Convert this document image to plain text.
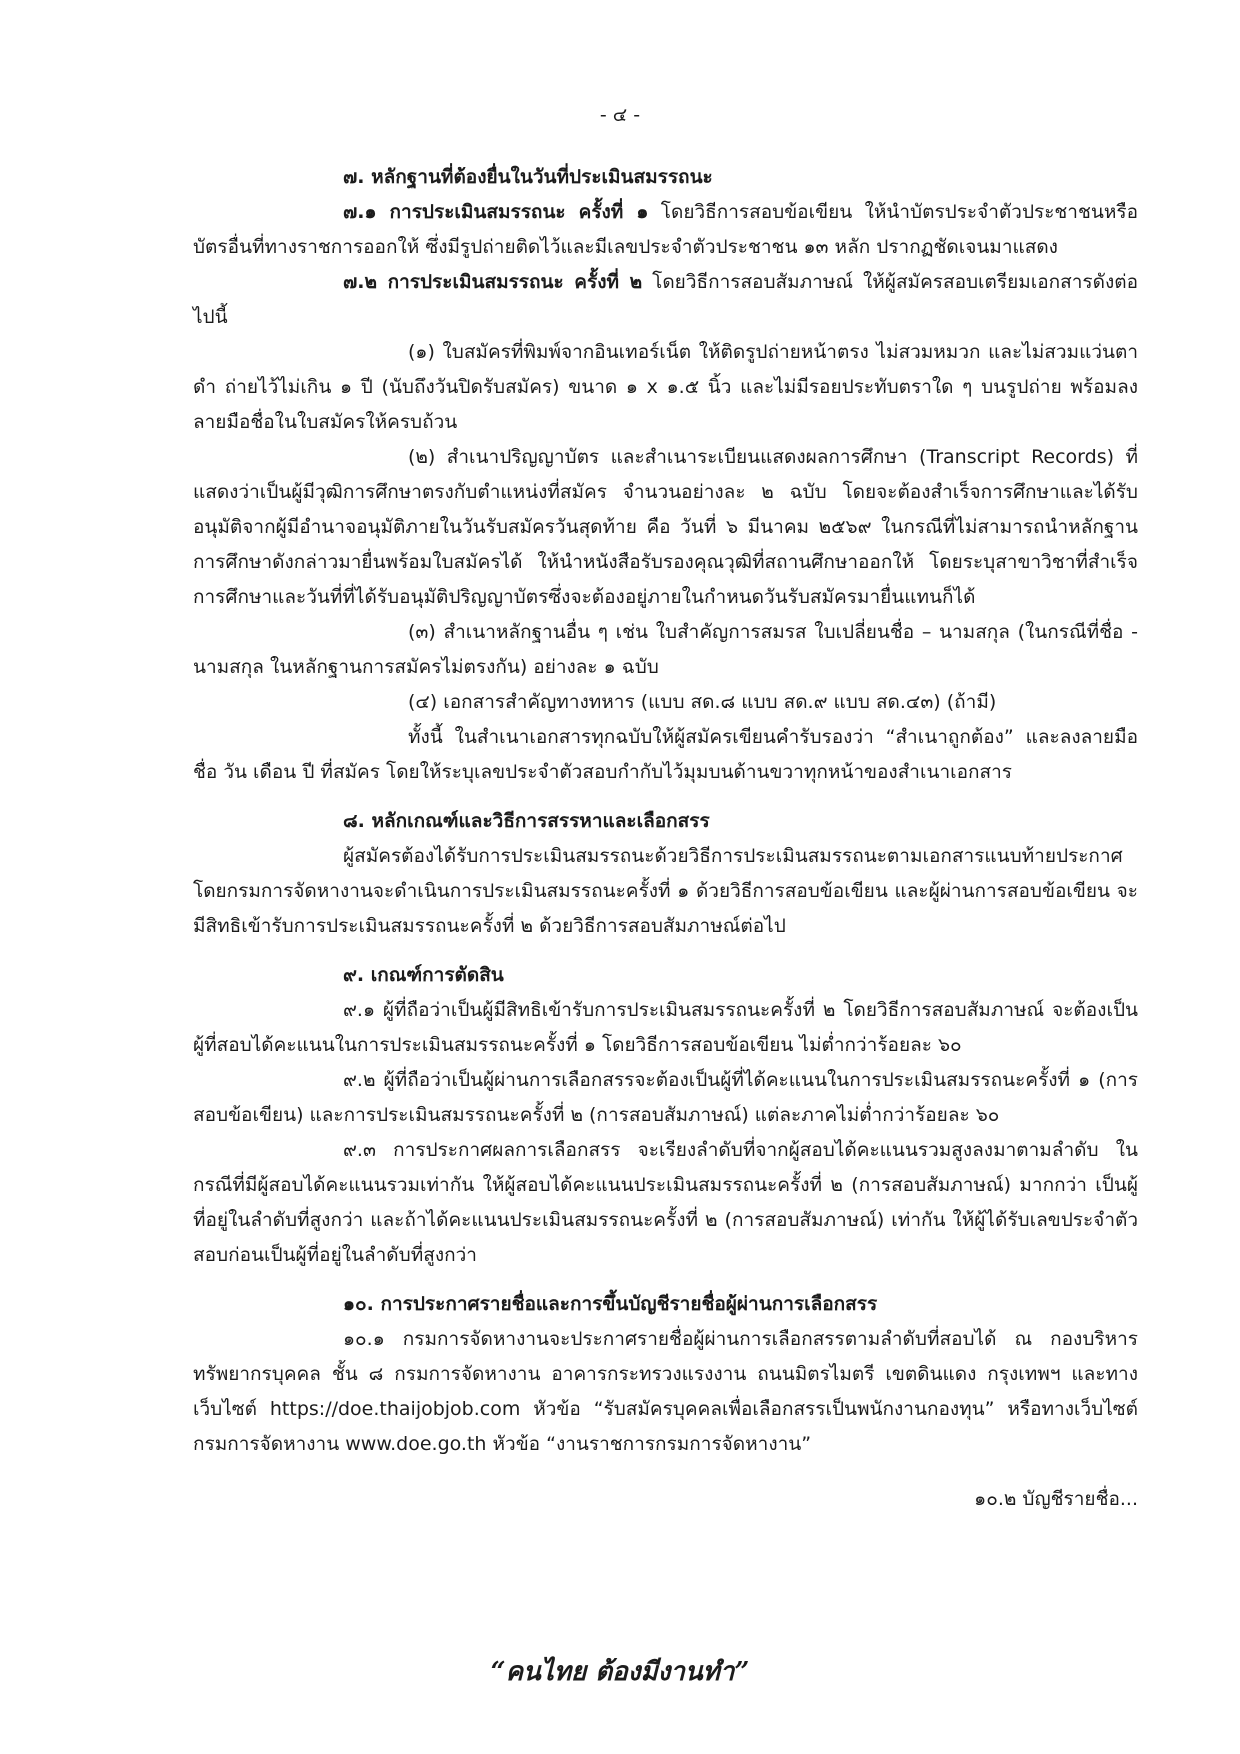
- ๔ -

๗. หลักฐานที่ต้องยื่นในวันที่ประเมินสมรรถนะ

๗.๑ การประเมินสมรรถนะ ครั้งที่ ๑ โดยวิธีการสอบข้อเขียน ให้นำบัตรประจำตัวประชาชนหรือบัตรอื่นที่ทางราชการออกให้ ซึ่งมีรูปถ่ายติดไว้และมีเลขประจำตัวประชาชน ๑๓ หลัก ปรากฏชัดเจนมาแสดง

๗.๒ การประเมินสมรรถนะ ครั้งที่ ๒ โดยวิธีการสอบสัมภาษณ์ ให้ผู้สมัครสอบเตรียมเอกสารดังต่อไปนี้

(๑) ใบสมัครที่พิมพ์จากอินเทอร์เน็ต ให้ติดรูปถ่ายหน้าตรง ไม่สวมหมวก และไม่สวมแว่นตาดำ ถ่ายไว้ไม่เกิน ๑ ปี (นับถึงวันปิดรับสมัคร) ขนาด ๑ x ๑.๕ นิ้ว และไม่มีรอยประทับตราใด ๆ บนรูปถ่าย พร้อมลงลายมือชื่อในใบสมัครให้ครบถ้วน

(๒) สำเนาปริญญาบัตร และสำเนาระเบียนแสดงผลการศึกษา (Transcript Records) ที่แสดงว่าเป็นผู้มีวุฒิการศึกษาตรงกับตำแหน่งที่สมัคร จำนวนอย่างละ ๒ ฉบับ โดยจะต้องสำเร็จการศึกษาและได้รับอนุมัติจากผู้มีอำนาจอนุมัติภายในวันรับสมัครวันสุดท้าย คือ วันที่ ๖ มีนาคม ๒๕๖๙ ในกรณีที่ไม่สามารถนำหลักฐานการศึกษาดังกล่าวมายื่นพร้อมใบสมัครได้ ให้นำหนังสือรับรองคุณวุฒิที่สถานศึกษาออกให้ โดยระบุสาขาวิชาที่สำเร็จการศึกษาและวันที่ที่ได้รับอนุมัติปริญญาบัตรซึ่งจะต้องอยู่ภายในกำหนดวันรับสมัครมายื่นแทนก็ได้

(๓) สำเนาหลักฐานอื่น ๆ เช่น ใบสำคัญการสมรส ใบเปลี่ยนชื่อ – นามสกุล (ในกรณีที่ชื่อ - นามสกุล ในหลักฐานการสมัครไม่ตรงกัน) อย่างละ ๑ ฉบับ

(๔) เอกสารสำคัญทางทหาร (แบบ สด.๘ แบบ สด.๙ แบบ สด.๔๓) (ถ้ามี)

ทั้งนี้ ในสำเนาเอกสารทุกฉบับให้ผู้สมัครเขียนคำรับรองว่า “สำเนาถูกต้อง” และลงลายมือชื่อ วัน เดือน ปี ที่สมัคร โดยให้ระบุเลขประจำตัวสอบกำกับไว้มุมบนด้านขวาทุกหน้าของสำเนาเอกสาร

๘. หลักเกณฑ์และวิธีการสรรหาและเลือกสรร

ผู้สมัครต้องได้รับการประเมินสมรรถนะด้วยวิธีการประเมินสมรรถนะตามเอกสารแนบท้ายประกาศ โดยกรมการจัดหางานจะดำเนินการประเมินสมรรถนะครั้งที่ ๑ ด้วยวิธีการสอบข้อเขียน และผู้ผ่านการสอบข้อเขียน จะมีสิทธิเข้ารับการประเมินสมรรถนะครั้งที่ ๒ ด้วยวิธีการสอบสัมภาษณ์ต่อไป

๙. เกณฑ์การตัดสิน

๙.๑ ผู้ที่ถือว่าเป็นผู้มีสิทธิเข้ารับการประเมินสมรรถนะครั้งที่ ๒ โดยวิธีการสอบสัมภาษณ์ จะต้องเป็นผู้ที่สอบได้คะแนนในการประเมินสมรรถนะครั้งที่ ๑ โดยวิธีการสอบข้อเขียน ไม่ต่ำกว่าร้อยละ ๖๐

๙.๒ ผู้ที่ถือว่าเป็นผู้ผ่านการเลือกสรรจะต้องเป็นผู้ที่ได้คะแนนในการประเมินสมรรถนะครั้งที่ ๑ (การสอบข้อเขียน) และการประเมินสมรรถนะครั้งที่ ๒ (การสอบสัมภาษณ์) แต่ละภาคไม่ต่ำกว่าร้อยละ ๖๐

๙.๓ การประกาศผลการเลือกสรร จะเรียงลำดับที่จากผู้สอบได้คะแนนรวมสูงลงมาตามลำดับ ในกรณีที่มีผู้สอบได้คะแนนรวมเท่ากัน ให้ผู้สอบได้คะแนนประเมินสมรรถนะครั้งที่ ๒ (การสอบสัมภาษณ์) มากกว่า เป็นผู้ที่อยู่ในลำดับที่สูงกว่า และถ้าได้คะแนนประเมินสมรรถนะครั้งที่ ๒ (การสอบสัมภาษณ์) เท่ากัน ให้ผู้ได้รับเลขประจำตัวสอบก่อนเป็นผู้ที่อยู่ในลำดับที่สูงกว่า

๑๐. การประกาศรายชื่อและการขึ้นบัญชีรายชื่อผู้ผ่านการเลือกสรร

๑๐.๑ กรมการจัดหางานจะประกาศรายชื่อผู้ผ่านการเลือกสรรตามลำดับที่สอบได้ ณ กองบริหารทรัพยากรบุคคล ชั้น ๘ กรมการจัดหางาน อาคารกระทรวงแรงงาน ถนนมิตรไมตรี เขตดินแดง กรุงเทพฯ และทางเว็บไซต์ https://doe.thaijobjob.com หัวข้อ “รับสมัครบุคคลเพื่อเลือกสรรเป็นพนักงานกองทุน” หรือทางเว็บไซต์กรมการจัดหางาน www.doe.go.th หัวข้อ “งานราชการกรมการจัดหางาน”

๑๐.๒ บัญชีรายชื่อ...

“คนไทย ต้องมีงานทำ”
